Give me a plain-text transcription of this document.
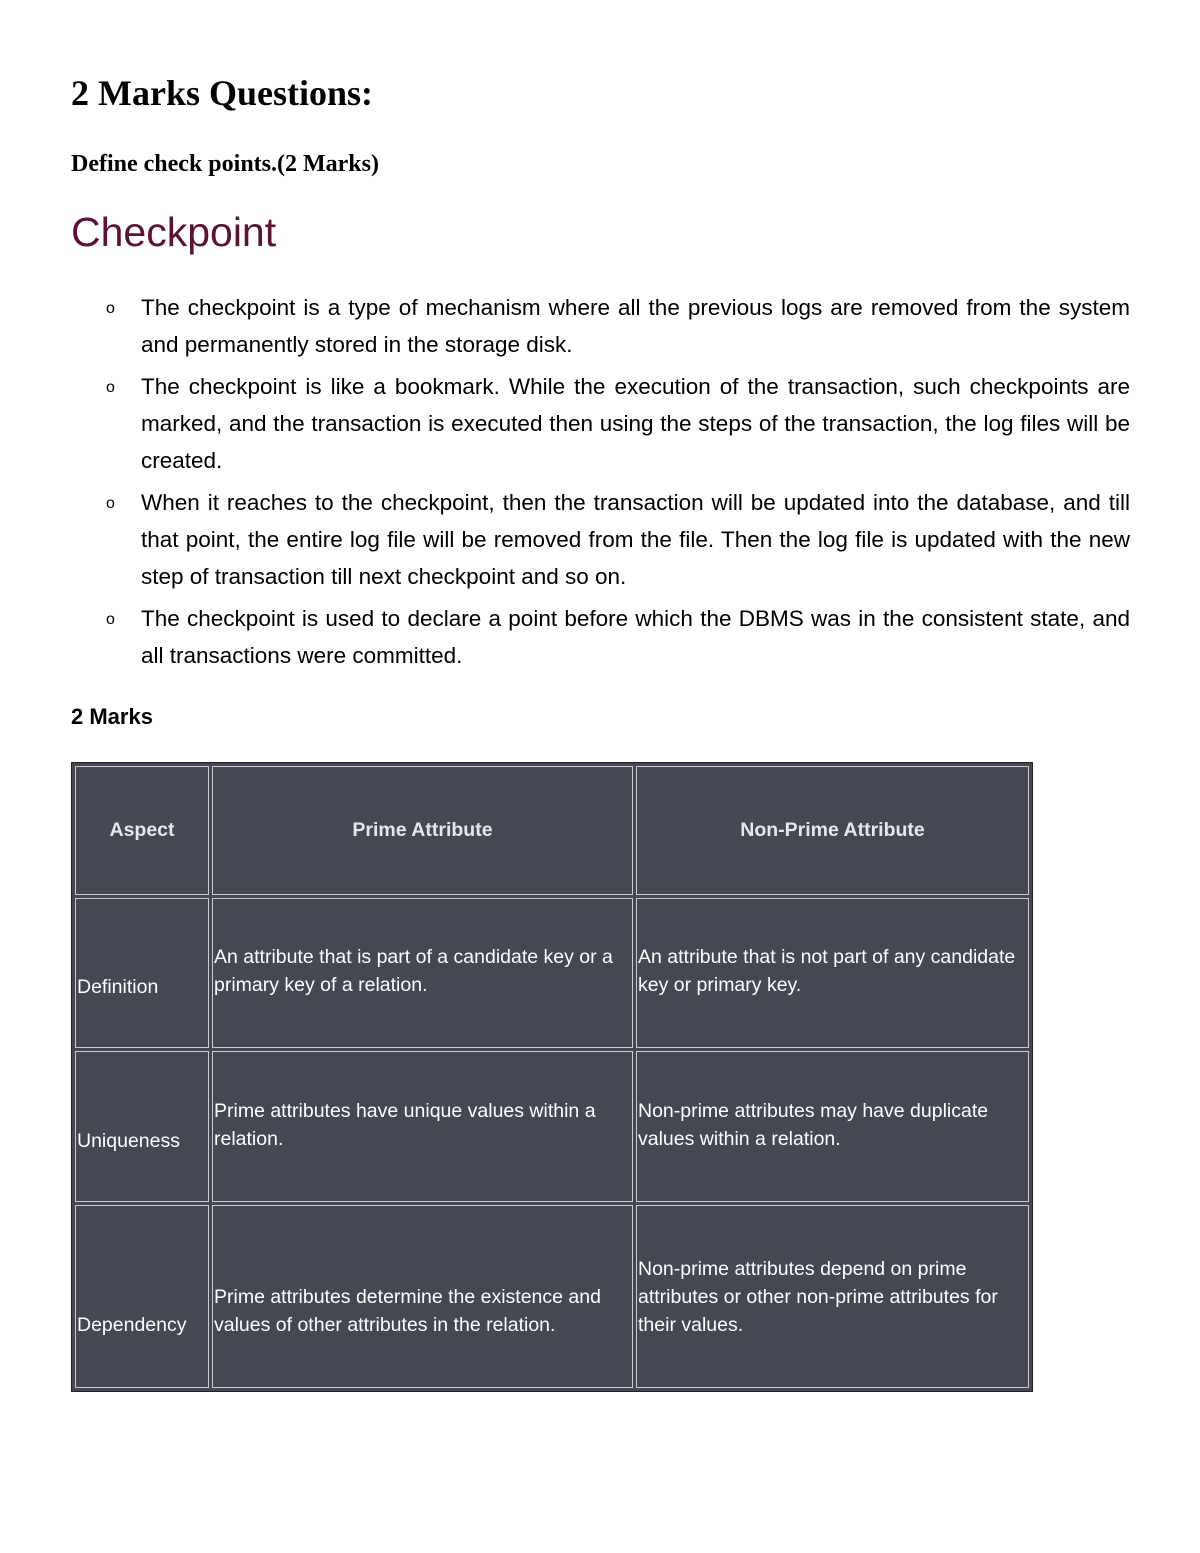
2 Marks Questions:
Define check points.(2 Marks)
Checkpoint
o The checkpoint is a type of mechanism where all the previous logs are removed from the system and permanently stored in the storage disk.
o The checkpoint is like a bookmark. While the execution of the transaction, such checkpoints are marked, and the transaction is executed then using the steps of the transaction, the log files will be created.
o When it reaches to the checkpoint, then the transaction will be updated into the database, and till that point, the entire log file will be removed from the file. Then the log file is updated with the new step of transaction till next checkpoint and so on.
o The checkpoint is used to declare a point before which the DBMS was in the consistent state, and all transactions were committed.
2 Marks
Aspect	Prime Attribute	Non-Prime Attribute
Definition	An attribute that is part of a candidate key or a primary key of a relation.	An attribute that is not part of any candidate key or primary key.
Uniqueness	Prime attributes have unique values within a relation.	Non-prime attributes may have duplicate values within a relation.
Dependency	Prime attributes determine the existence and values of other attributes in the relation.	Non-prime attributes depend on prime attributes or other non-prime attributes for their values.
